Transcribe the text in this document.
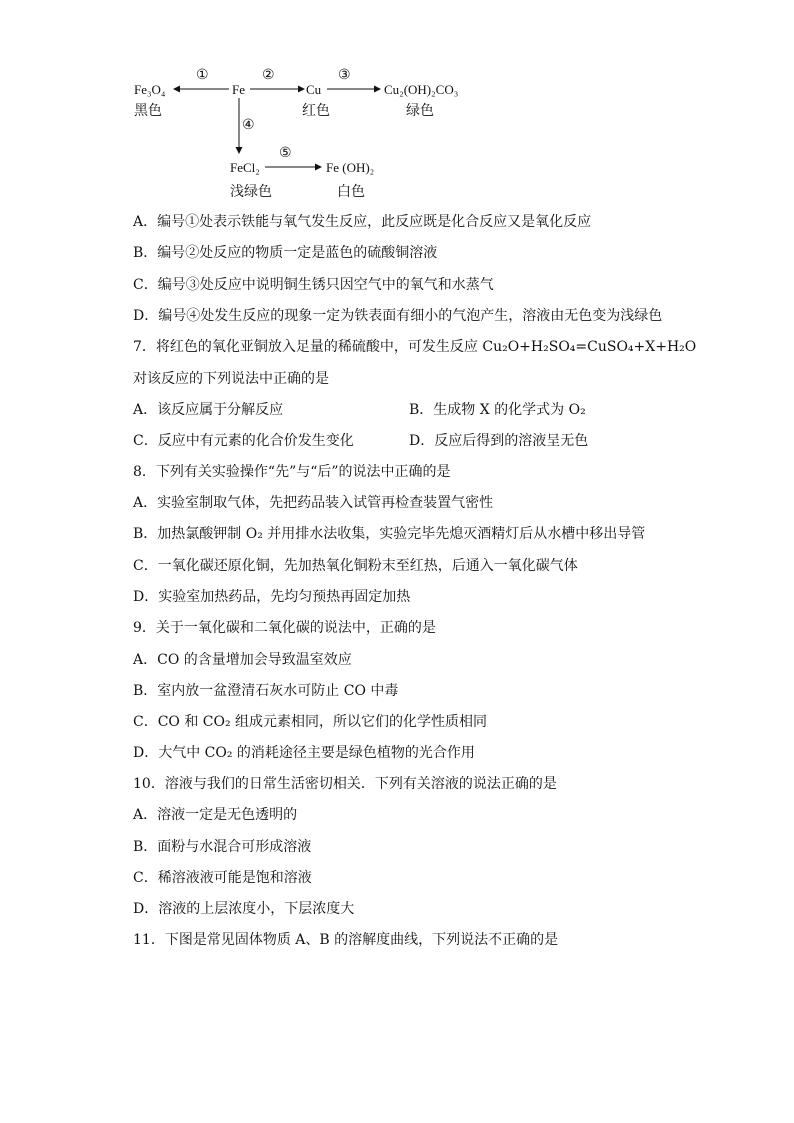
Fe₃O₄
黑色
①
Fe
②
Cu
红色
③
Cu₂(OH)₂CO₃
绿色
④
FeCl₂
浅绿色
⑤
Fe (OH)₂
白色
A．编号①处表示铁能与氧气发生反应，此反应既是化合反应又是氧化反应
B．编号②处反应的物质一定是蓝色的硫酸铜溶液
C．编号③处反应中说明铜生锈只因空气中的氧气和水蒸气
D．编号④处发生反应的现象一定为铁表面有细小的气泡产生，溶液由无色变为浅绿色
7．将红色的氧化亚铜放入足量的稀硫酸中，可发生反应 Cu₂O+H₂SO₄=CuSO₄+X+H₂O
对该反应的下列说法中正确的是
A．该反应属于分解反应	B．生成物 X 的化学式为 O₂
C．反应中有元素的化合价发生变化	D．反应后得到的溶液呈无色
8．下列有关实验操作“先”与“后”的说法中正确的是
A．实验室制取气体，先把药品装入试管再检查装置气密性
B．加热氯酸钾制 O₂ 并用排水法收集，实验完毕先熄灭酒精灯后从水槽中移出导管
C．一氧化碳还原化铜，先加热氧化铜粉末至红热，后通入一氧化碳气体
D．实验室加热药品，先均匀预热再固定加热
9．关于一氧化碳和二氧化碳的说法中，正确的是
A．CO 的含量增加会导致温室效应
B．室内放一盆澄清石灰水可防止 CO 中毒
C．CO 和 CO₂ 组成元素相同，所以它们的化学性质相同
D．大气中 CO₂ 的消耗途径主要是绿色植物的光合作用
10．溶液与我们的日常生活密切相关．下列有关溶液的说法正确的是
A．溶液一定是无色透明的
B．面粉与水混合可形成溶液
C．稀溶液液可能是饱和溶液
D．溶液的上层浓度小，下层浓度大
11．下图是常见固体物质 A、B 的溶解度曲线，下列说法不正确的是
